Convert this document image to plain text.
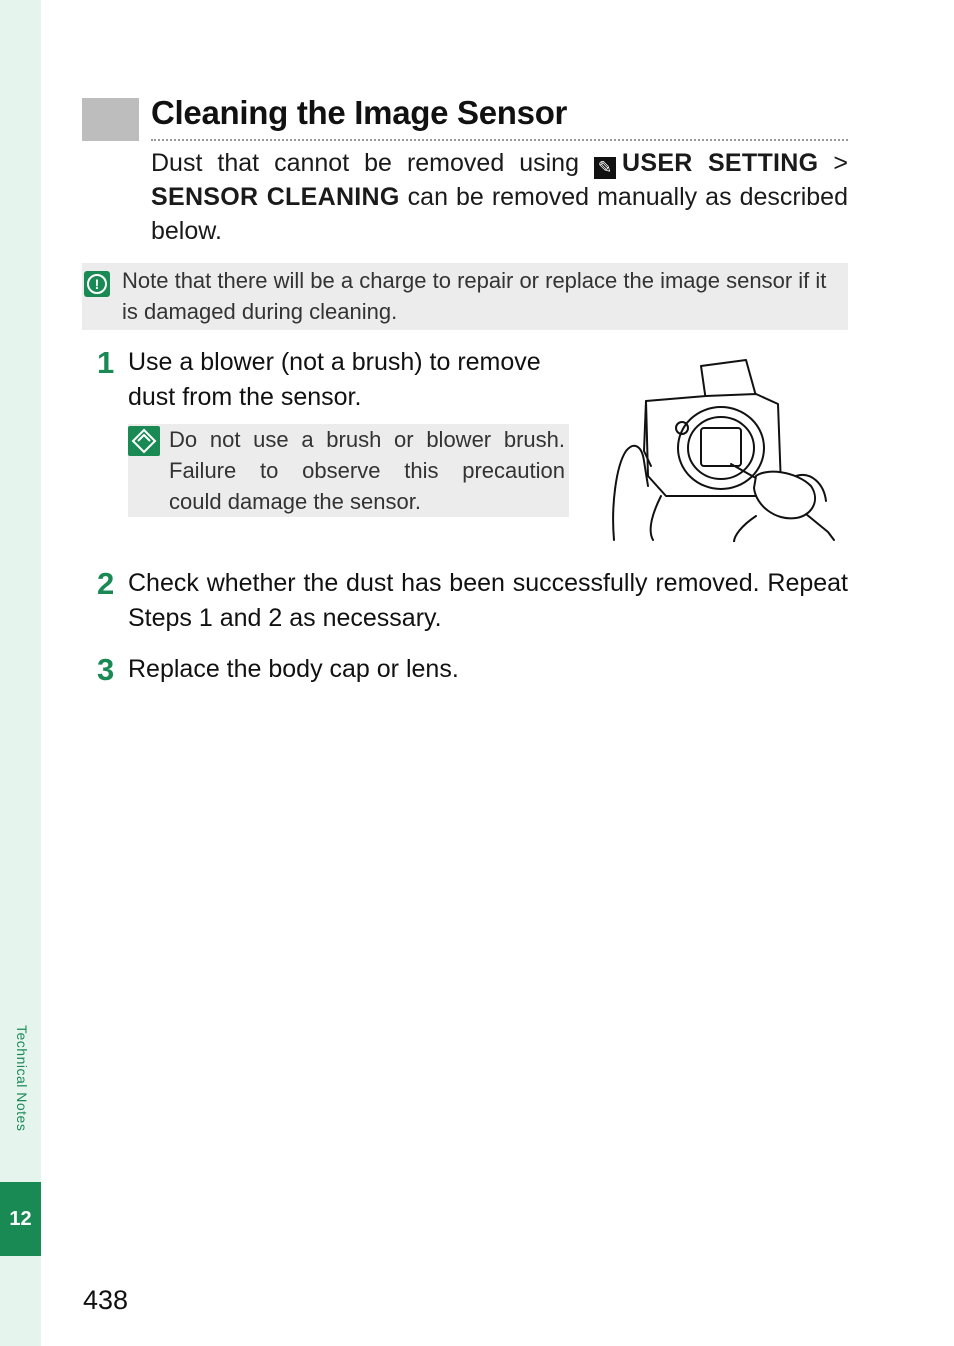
Technical Notes
12
438
Cleaning the Image Sensor

Dust that cannot be removed using ✎ USER SETTING > SENSOR CLEANING can be removed manually as described below.

!	Note that there will be a charge to repair or replace the image sensor if it is damaged during cleaning.

1 Use a blower (not a brush) to remove dust from the sensor.

Do not use a brush or blower brush.

Failure to observe this precaution

could damage the sensor.

2 Check whether the dust has been successfully removed. Repeat Steps 1 and 2 as necessary.

3 Replace the body cap or lens.
